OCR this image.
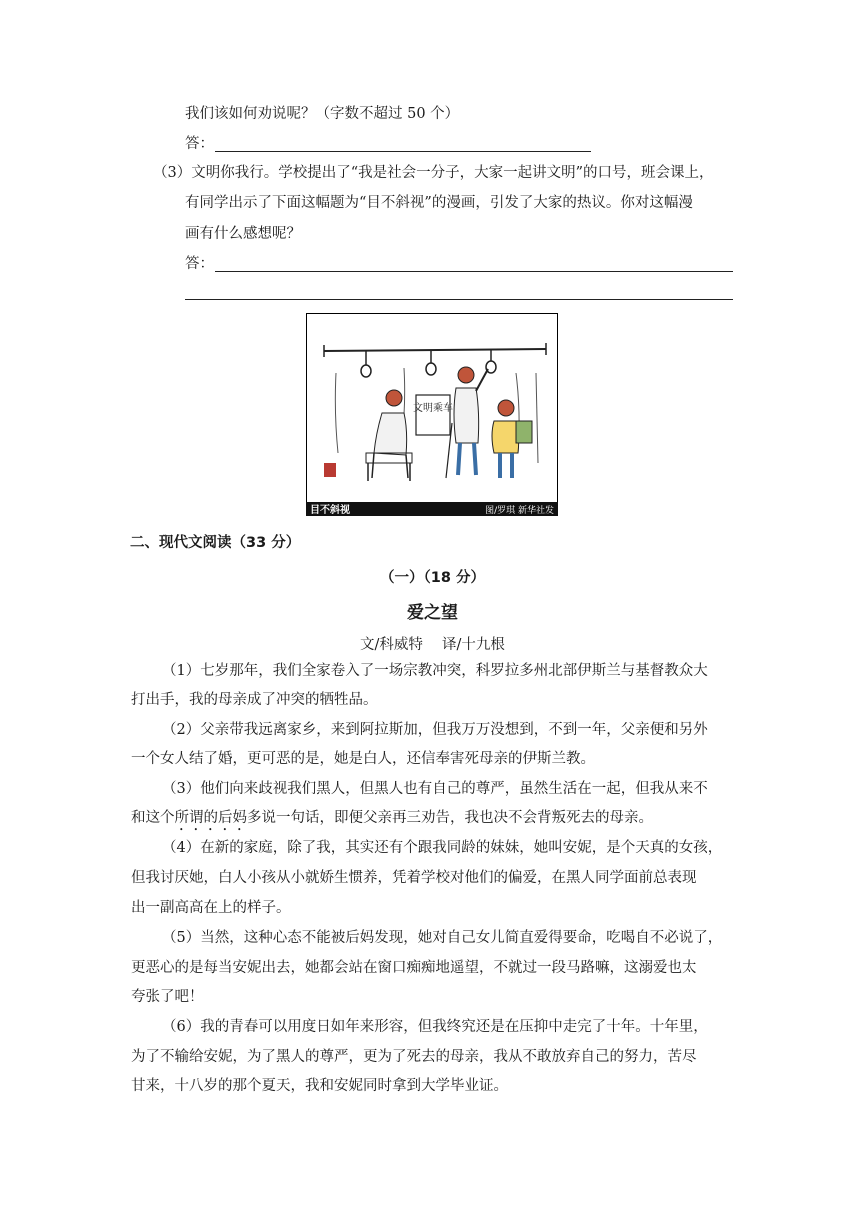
我们该如何劝说呢？（字数不超过 50 个）
答：
（3）文明你我行。学校提出了“我是社会一分子，大家一起讲文明”的口号，班会课上，
有同学出示了下面这幅题为“目不斜视”的漫画，引发了大家的热议。你对这幅漫
画有什么感想呢？
答：
文明乘车
目不斜视	图/罗琪 新华社发
二、现代文阅读（33 分）
（一）（18 分）
爱之望
文/科威特　 译/十九根
（1）七岁那年，我们全家卷入了一场宗教冲突，科罗拉多州北部伊斯兰与基督教众大
打出手，我的母亲成了冲突的牺牲品。
（2）父亲带我远离家乡，来到阿拉斯加，但我万万没想到，不到一年，父亲便和另外
一个女人结了婚，更可恶的是，她是白人，还信奉害死母亲的伊斯兰教。
（3）他们向来歧视我们黑人，但黑人也有自己的尊严，虽然生活在一起，但我从来不
和这个所谓的后妈多说一句话，即便父亲再三劝告，我也决不会背叛死去的母亲。
（4）在新的家庭，除了我，其实还有个跟我同龄的妹妹，她叫安妮，是个天真的女孩，
但我讨厌她，白人小孩从小就娇生惯养，凭着学校对他们的偏爱，在黑人同学面前总表现
出一副高高在上的样子。
（5）当然，这种心态不能被后妈发现，她对自己女儿简直爱得要命，吃喝自不必说了，
更恶心的是每当安妮出去，她都会站在窗口痴痴地遥望，不就过一段马路嘛，这溺爱也太
夸张了吧！
（6）我的青春可以用度日如年来形容，但我终究还是在压抑中走完了十年。十年里，
为了不输给安妮，为了黑人的尊严，更为了死去的母亲，我从不敢放弃自己的努力，苦尽
甘来，十八岁的那个夏天，我和安妮同时拿到大学毕业证。
